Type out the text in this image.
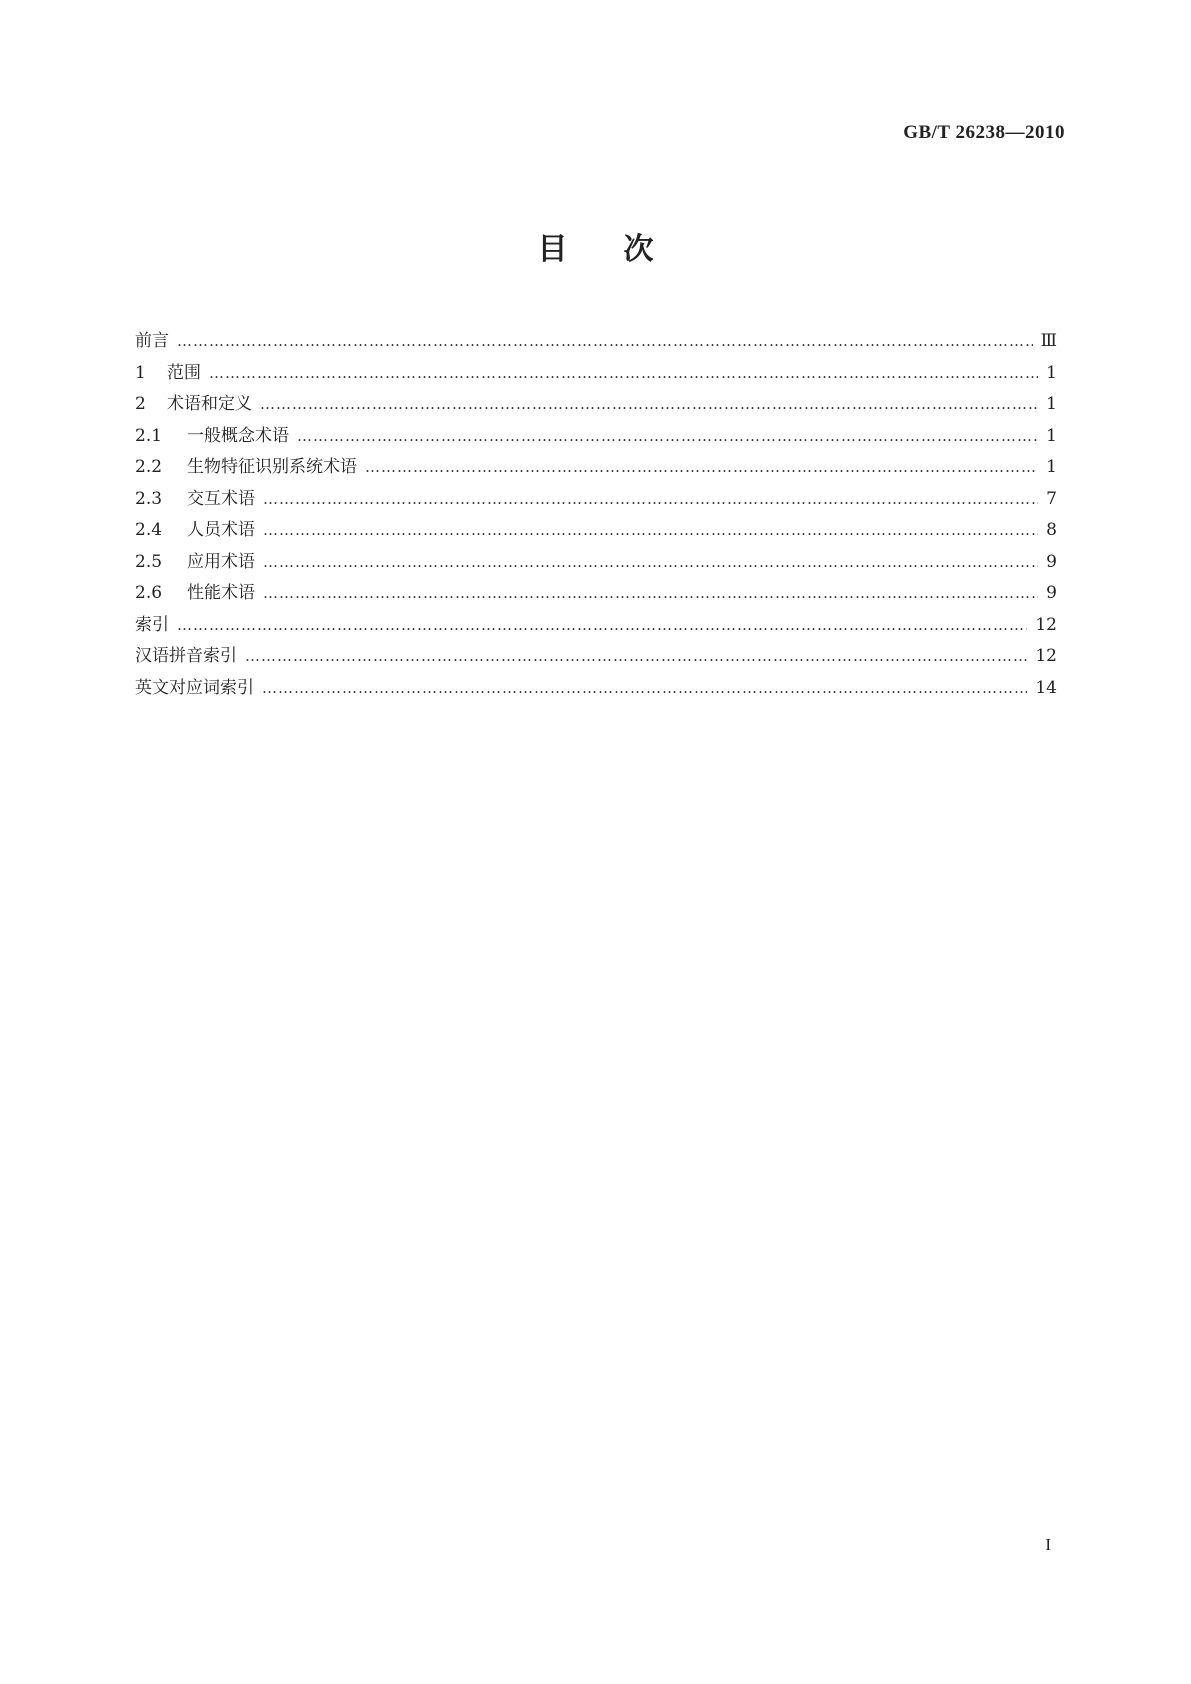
GB/T 26238—2010

目 次
前言 …………………………………………………………………………………………………………………………………………………………………………………………………	Ⅲ
1	范围 …………………………………………………………………………………………………………………………………………………………………………………………………	1
2	术语和定义 …………………………………………………………………………………………………………………………………………………………………………………………………	1
2.1	一般概念术语 …………………………………………………………………………………………………………………………………………………………………………………………………	1
2.2	生物特征识别系统术语 …………………………………………………………………………………………………………………………………………………………………………………………………	1
2.3	交互术语 …………………………………………………………………………………………………………………………………………………………………………………………………	7
2.4	人员术语 …………………………………………………………………………………………………………………………………………………………………………………………………	8
2.5	应用术语 …………………………………………………………………………………………………………………………………………………………………………………………………	9
2.6	性能术语 …………………………………………………………………………………………………………………………………………………………………………………………………	9
索引 …………………………………………………………………………………………………………………………………………………………………………………………………	12
汉语拼音索引 …………………………………………………………………………………………………………………………………………………………………………………………………	12
英文对应词索引 …………………………………………………………………………………………………………………………………………………………………………………………………	14

I
